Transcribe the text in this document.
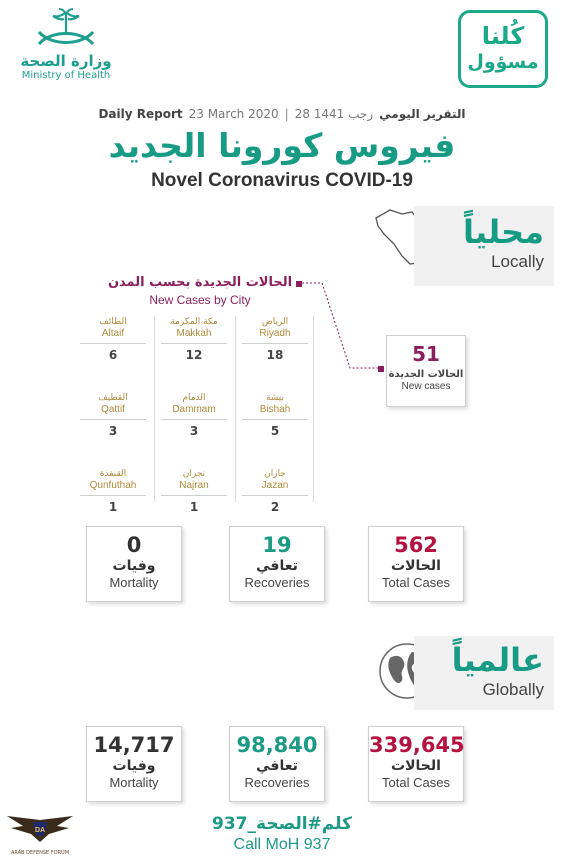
وزارة الصحة
Ministry of Health
كُلنا
مسؤول
Daily Report 23 March 2020 | 28 رجب 1441 التقرير اليومي
فيروس كورونا الجديد
Novel Coronavirus COVID-19
محلياً
Locally
الحالات الجديدة بحسب المدن
New Cases by City
الطائف
Altaif
6
مكة المكرمة
Makkah
12
الرياض
Riyadh
18
القطيف
Qattif
3
الدمام
Dammam
3
بيشة
Bishah
5
القنفذة
Qunfuthah
1
نجران
Najran
1
جازان
Jazan
2
51
الحالات الجديدة
New cases
0
وفيات
Mortality
19
تعافي
Recoveries
562
الحالات
Total Cases
عالمياً
Globally
14,717
وفيات
Mortality
98,840
تعافي
Recoveries
339,645
الحالات
Total Cases
كلم#الصحة_937
Call MoH 937
DA
ARAB DEFENSE FORUM
